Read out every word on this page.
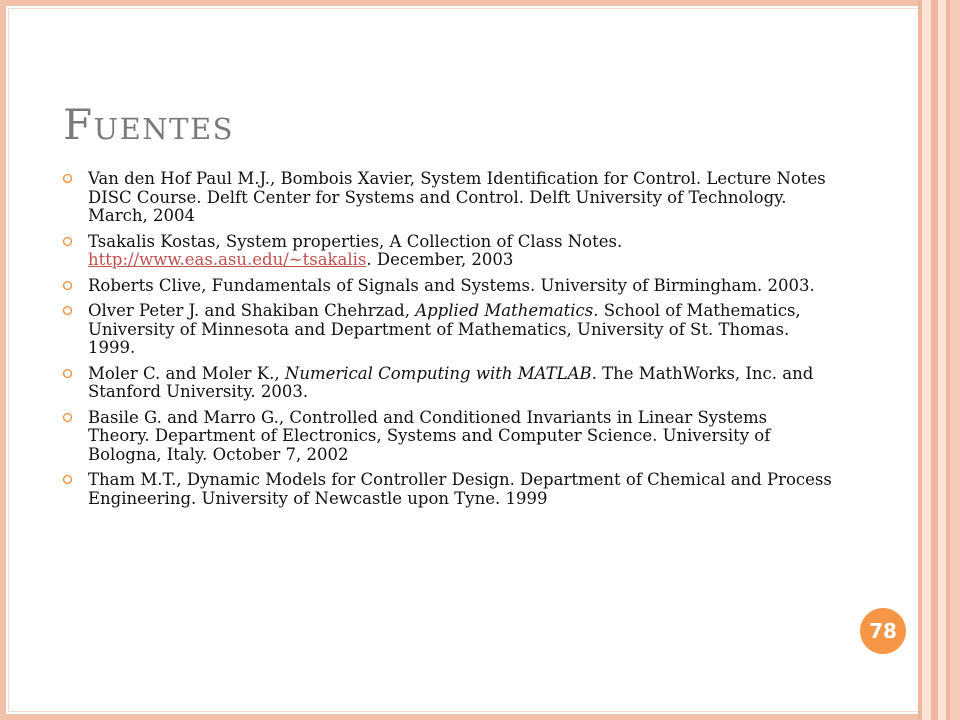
Fuentes
Van den Hof Paul M.J., Bombois Xavier, System Identification for Control. Lecture Notes DISC Course. Delft Center for Systems and Control. Delft University of Technology. March, 2004
Tsakalis Kostas, System properties, A Collection of Class Notes. http://www.eas.asu.edu/~tsakalis. December, 2003
Roberts Clive, Fundamentals of Signals and Systems. University of Birmingham. 2003.
Olver Peter J. and Shakiban Chehrzad, Applied Mathematics. School of Mathematics, University of Minnesota and Department of Mathematics, University of St. Thomas. 1999.
Moler C. and Moler K., Numerical Computing with MATLAB. The MathWorks, Inc. and Stanford University. 2003.
Basile G. and Marro G., Controlled and Conditioned Invariants in Linear Systems Theory. Department of Electronics, Systems and Computer Science. University of Bologna, Italy. October 7, 2002
Tham M.T., Dynamic Models for Controller Design. Department of Chemical and Process Engineering. University of Newcastle upon Tyne. 1999
78
